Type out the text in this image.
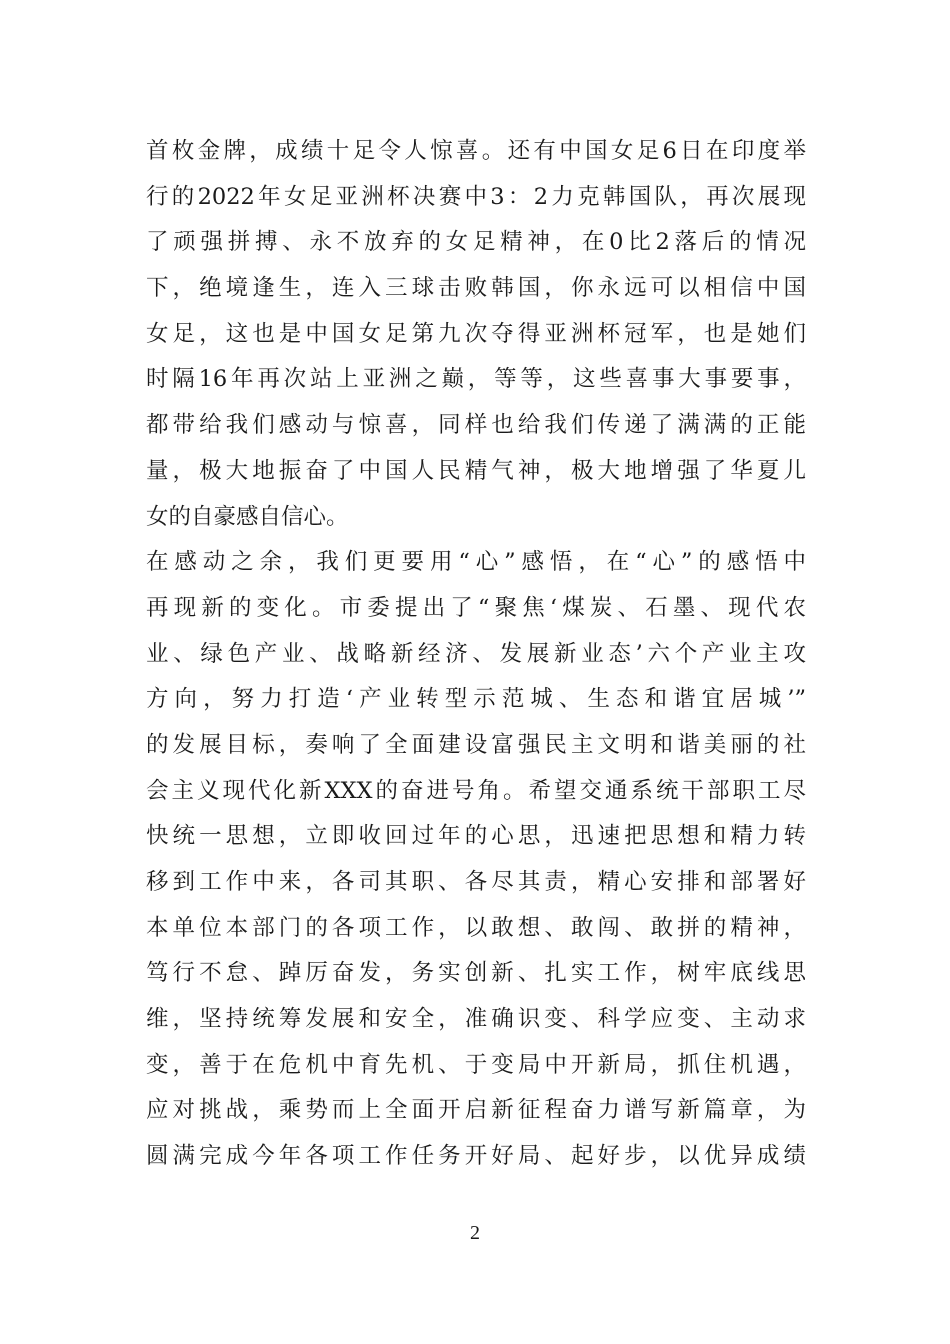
首枚金牌，成绩十足令人惊喜。还有中国女足6日在印度举
行的2022年女足亚洲杯决赛中3：2力克韩国队，再次展现
了顽强拼搏、永不放弃的女足精神，在0比2落后的情况
下，绝境逢生，连入三球击败韩国，你永远可以相信中国
女足，这也是中国女足第九次夺得亚洲杯冠军，也是她们
时隔16年再次站上亚洲之巅，等等，这些喜事大事要事，
都带给我们感动与惊喜，同样也给我们传递了满满的正能
量，极大地振奋了中国人民精气神，极大地增强了华夏儿
女的自豪感自信心。
在感动之余，我们更要用“心”感悟，在“心”的感悟中
再现新的变化。市委提出了“聚焦‘煤炭、石墨、现代农
业、绿色产业、战略新经济、发展新业态’六个产业主攻
方向，努力打造‘产业转型示范城、生态和谐宜居城’”
的发展目标，奏响了全面建设富强民主文明和谐美丽的社
会主义现代化新XXX的奋进号角。希望交通系统干部职工尽
快统一思想，立即收回过年的心思，迅速把思想和精力转
移到工作中来，各司其职、各尽其责，精心安排和部署好
本单位本部门的各项工作，以敢想、敢闯、敢拼的精神，
笃行不怠、踔厉奋发，务实创新、扎实工作，树牢底线思
维，坚持统筹发展和安全，准确识变、科学应变、主动求
变，善于在危机中育先机、于变局中开新局，抓住机遇，
应对挑战，乘势而上全面开启新征程奋力谱写新篇章，为
圆满完成今年各项工作任务开好局、起好步，以优异成绩
2
